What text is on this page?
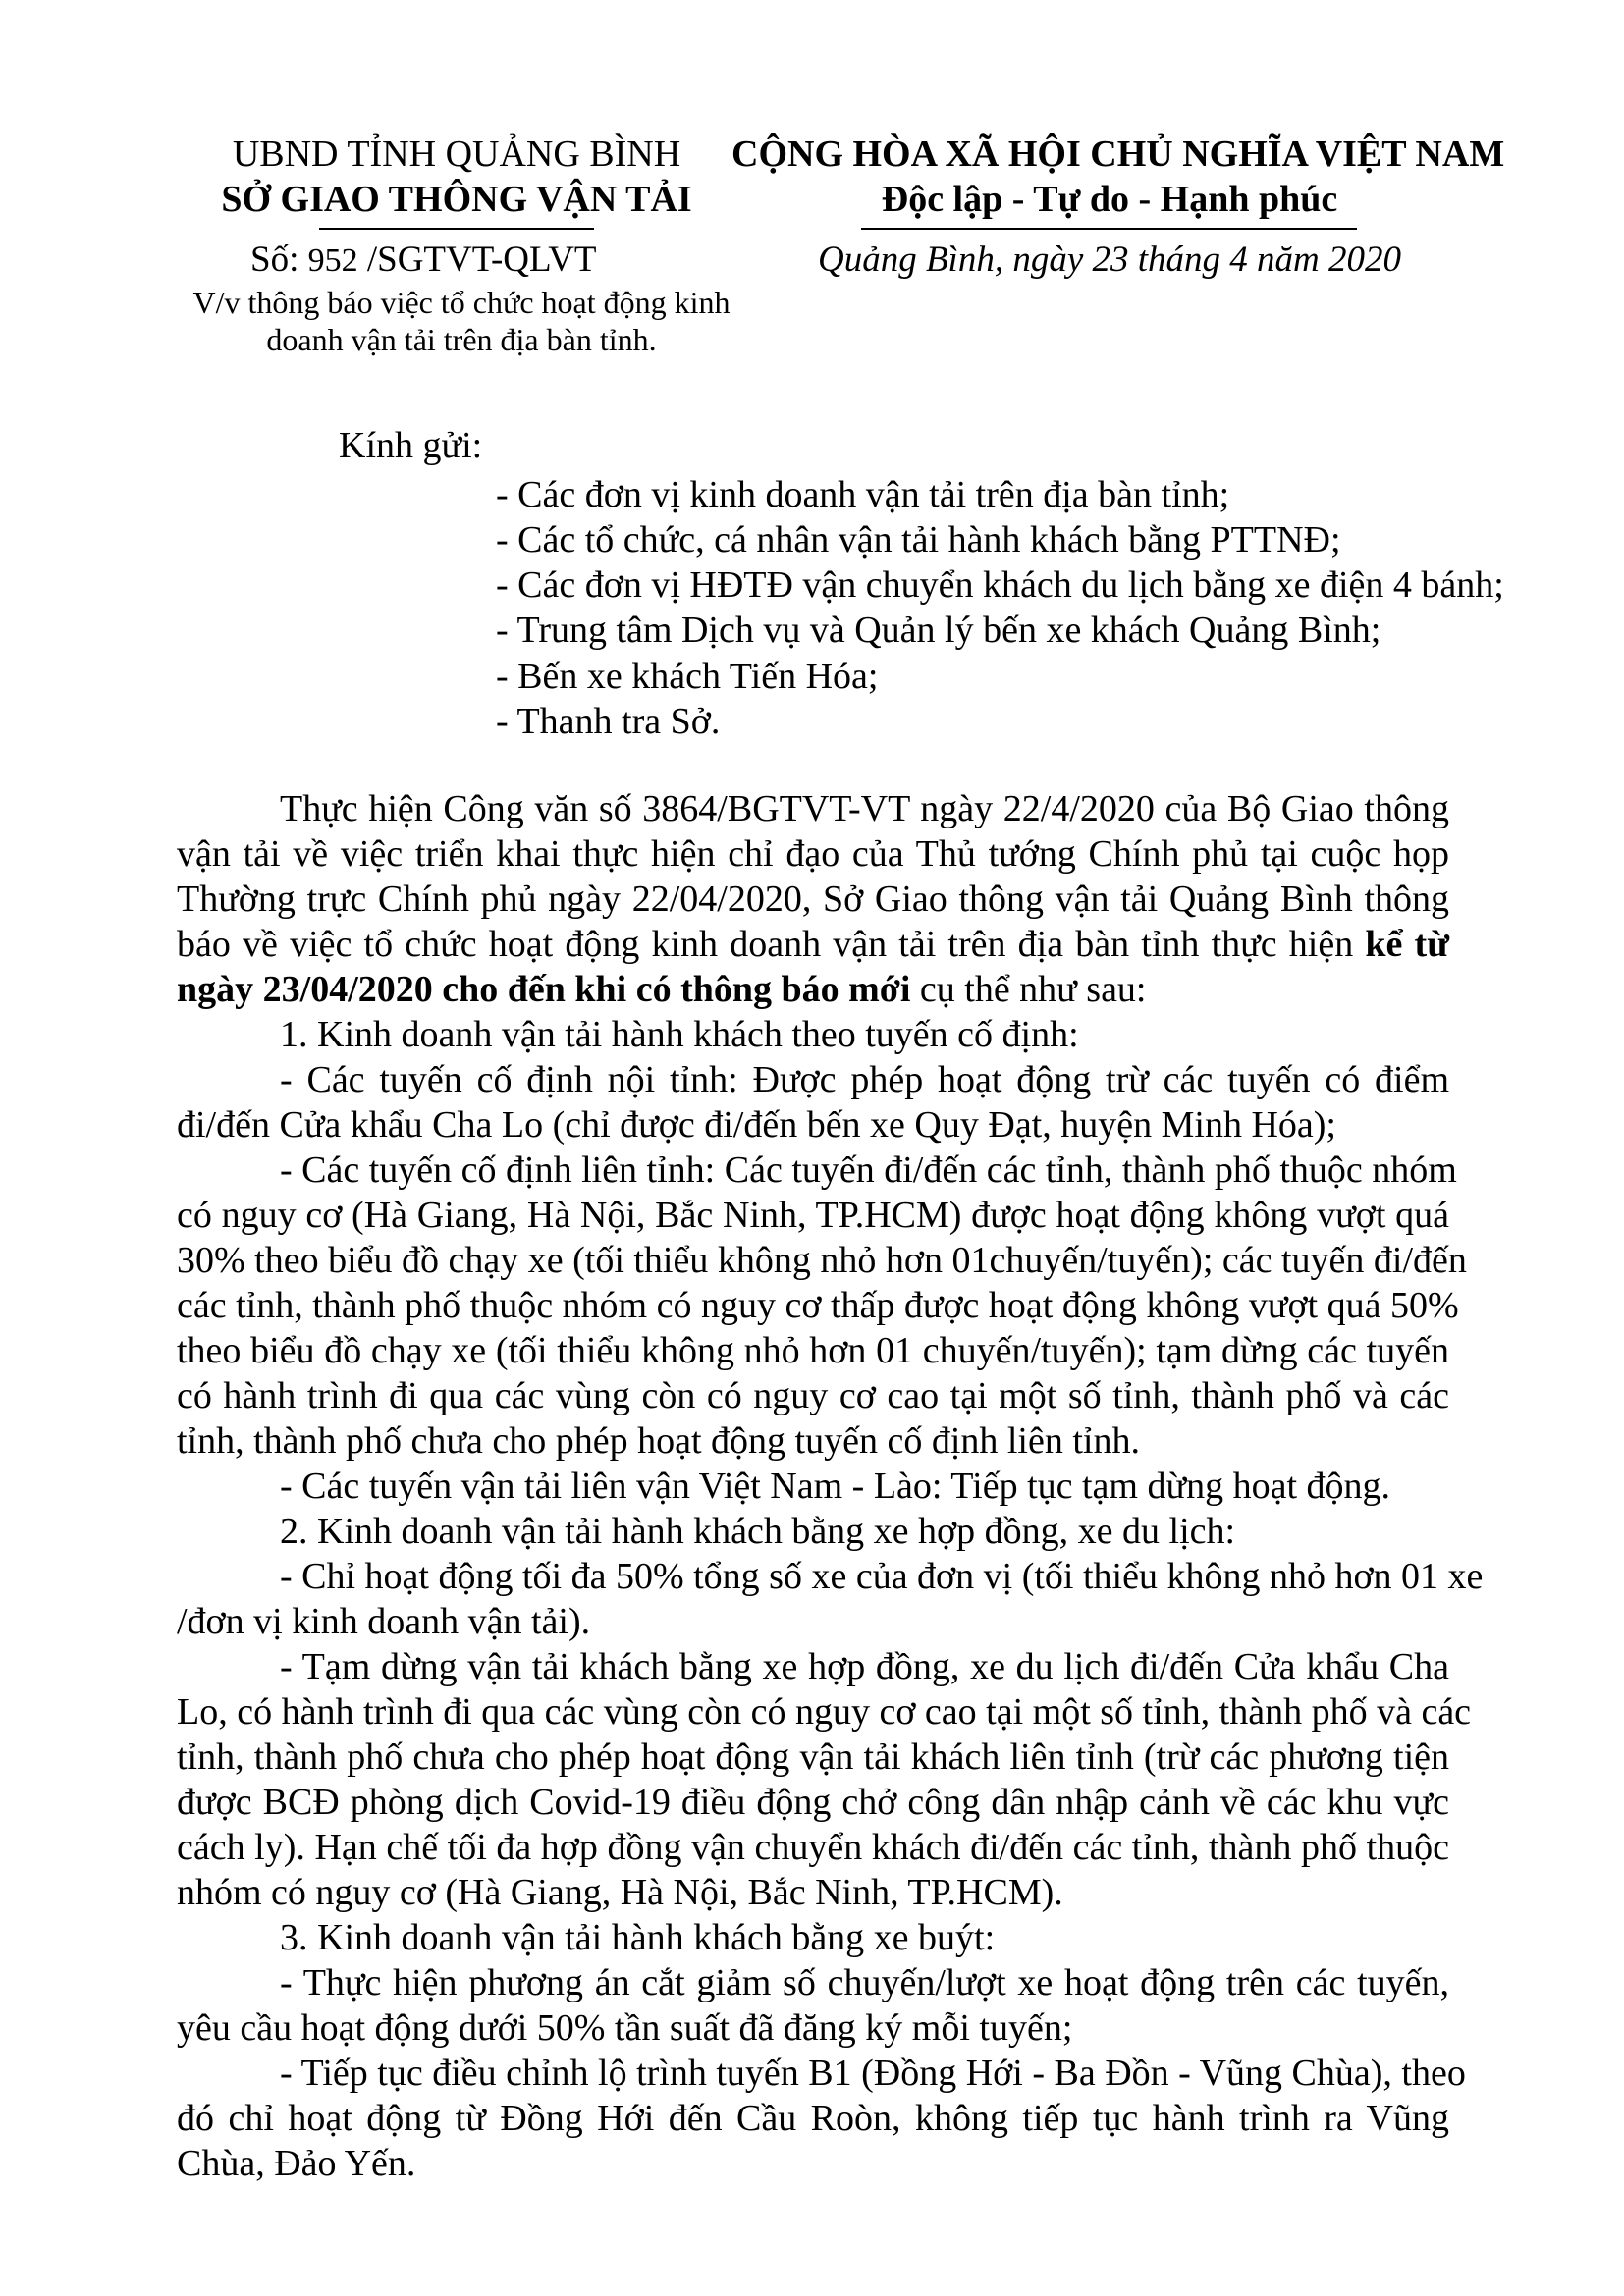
UBND TỈNH QUẢNG BÌNH
SỞ GIAO THÔNG VẬN TẢI
Số: 952 /SGTVT-QLVT
V/v thông báo việc tổ chức hoạt động kinh
doanh vận tải trên địa bàn tỉnh.
CỘNG HÒA XÃ HỘI CHỦ NGHĨA VIỆT NAM
Độc lập - Tự do - Hạnh phúc
Quảng Bình, ngày 23 tháng 4 năm 2020
Kính gửi:
- Các đơn vị kinh doanh vận tải trên địa bàn tỉnh;
- Các tổ chức, cá nhân vận tải hành khách bằng PTTNĐ;
- Các đơn vị HĐTĐ vận chuyển khách du lịch bằng xe điện 4 bánh;
- Trung tâm Dịch vụ và Quản lý bến xe khách Quảng Bình;
- Bến xe khách Tiến Hóa;
- Thanh tra Sở.
Thực hiện Công văn số 3864/BGTVT-VT ngày 22/4/2020 của Bộ Giao thông
vận tải về việc triển khai thực hiện chỉ đạo của Thủ tướng Chính phủ tại cuộc họp
Thường trực Chính phủ ngày 22/04/2020, Sở Giao thông vận tải Quảng Bình thông
báo về việc tổ chức hoạt động kinh doanh vận tải trên địa bàn tỉnh thực hiện kể từ
ngày 23/04/2020 cho đến khi có thông báo mới cụ thể như sau:
1. Kinh doanh vận tải hành khách theo tuyến cố định:
- Các tuyến cố định nội tỉnh: Được phép hoạt động trừ các tuyến có điểm
đi/đến Cửa khẩu Cha Lo (chỉ được đi/đến bến xe Quy Đạt, huyện Minh Hóa);
- Các tuyến cố định liên tỉnh: Các tuyến đi/đến các tỉnh, thành phố thuộc nhóm
có nguy cơ (Hà Giang, Hà Nội, Bắc Ninh, TP.HCM) được hoạt động không vượt quá
30% theo biểu đồ chạy xe (tối thiểu không nhỏ hơn 01chuyến/tuyến); các tuyến đi/đến
các tỉnh, thành phố thuộc nhóm có nguy cơ thấp được hoạt động không vượt quá 50%
theo biểu đồ chạy xe (tối thiểu không nhỏ hơn 01 chuyến/tuyến); tạm dừng các tuyến
có hành trình đi qua các vùng còn có nguy cơ cao tại một số tỉnh, thành phố và các
tỉnh, thành phố chưa cho phép hoạt động tuyến cố định liên tỉnh.
- Các tuyến vận tải liên vận Việt Nam - Lào: Tiếp tục tạm dừng hoạt động.
2. Kinh doanh vận tải hành khách bằng xe hợp đồng, xe du lịch:
- Chỉ hoạt động tối đa 50% tổng số xe của đơn vị (tối thiểu không nhỏ hơn 01 xe
/đơn vị kinh doanh vận tải).
- Tạm dừng vận tải khách bằng xe hợp đồng, xe du lịch đi/đến Cửa khẩu Cha
Lo, có hành trình đi qua các vùng còn có nguy cơ cao tại một số tỉnh, thành phố và các
tỉnh, thành phố chưa cho phép hoạt động vận tải khách liên tỉnh (trừ các phương tiện
được BCĐ phòng dịch Covid-19 điều động chở công dân nhập cảnh về các khu vực
cách ly). Hạn chế tối đa hợp đồng vận chuyển khách đi/đến các tỉnh, thành phố thuộc
nhóm có nguy cơ (Hà Giang, Hà Nội, Bắc Ninh, TP.HCM).
3. Kinh doanh vận tải hành khách bằng xe buýt:
- Thực hiện phương án cắt giảm số chuyến/lượt xe hoạt động trên các tuyến,
yêu cầu hoạt động dưới 50% tần suất đã đăng ký mỗi tuyến;
- Tiếp tục điều chỉnh lộ trình tuyến B1 (Đồng Hới - Ba Đồn - Vũng Chùa), theo
đó chỉ hoạt động từ Đồng Hới đến Cầu Roòn, không tiếp tục hành trình ra Vũng
Chùa, Đảo Yến.
